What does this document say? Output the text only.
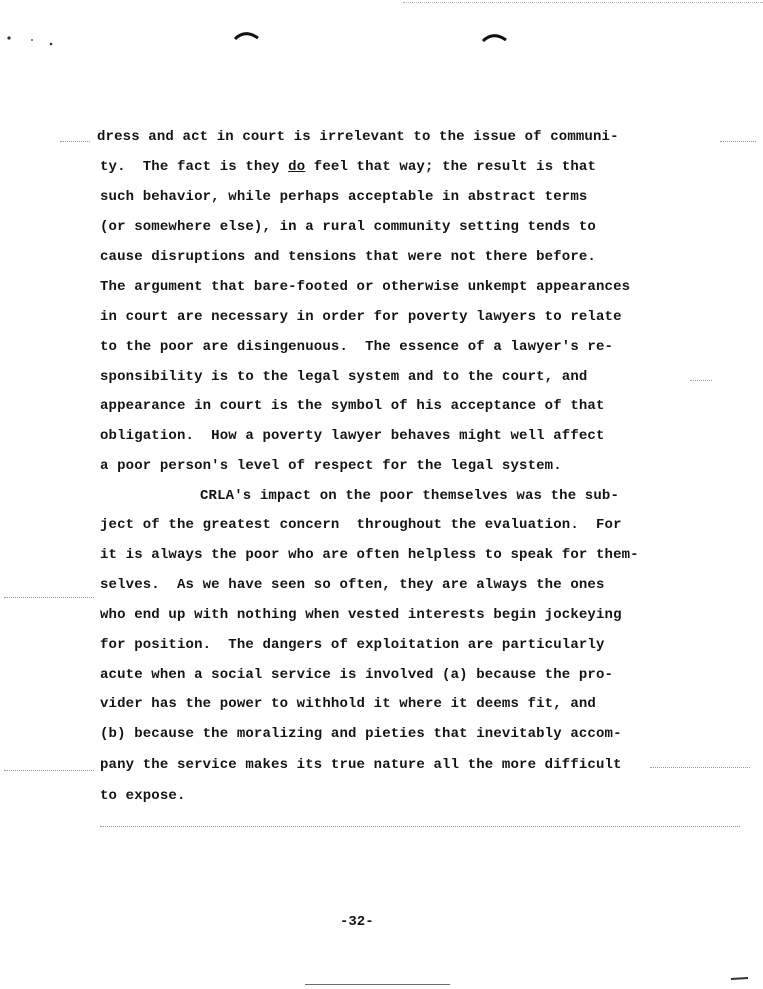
dress and act in court is irrelevant to the issue of communi-
ty.  The fact is they do feel that way; the result is that
such behavior, while perhaps acceptable in abstract terms
(or somewhere else), in a rural community setting tends to
cause disruptions and tensions that were not there before.
The argument that bare-footed or otherwise unkempt appearances
in court are necessary in order for poverty lawyers to relate
to the poor are disingenuous.  The essence of a lawyer's re-
sponsibility is to the legal system and to the court, and
appearance in court is the symbol of his acceptance of that
obligation.  How a poverty lawyer behaves might well affect
a poor person's level of respect for the legal system.
CRLA's impact on the poor themselves was the sub-
ject of the greatest concern  throughout the evaluation.  For
it is always the poor who are often helpless to speak for them-
selves.  As we have seen so often, they are always the ones
who end up with nothing when vested interests begin jockeying
for position.  The dangers of exploitation are particularly
acute when a social service is involved (a) because the pro-
vider has the power to withhold it where it deems fit, and
(b) because the moralizing and pieties that inevitably accom-
pany the service makes its true nature all the more difficult
to expose.
-32-
